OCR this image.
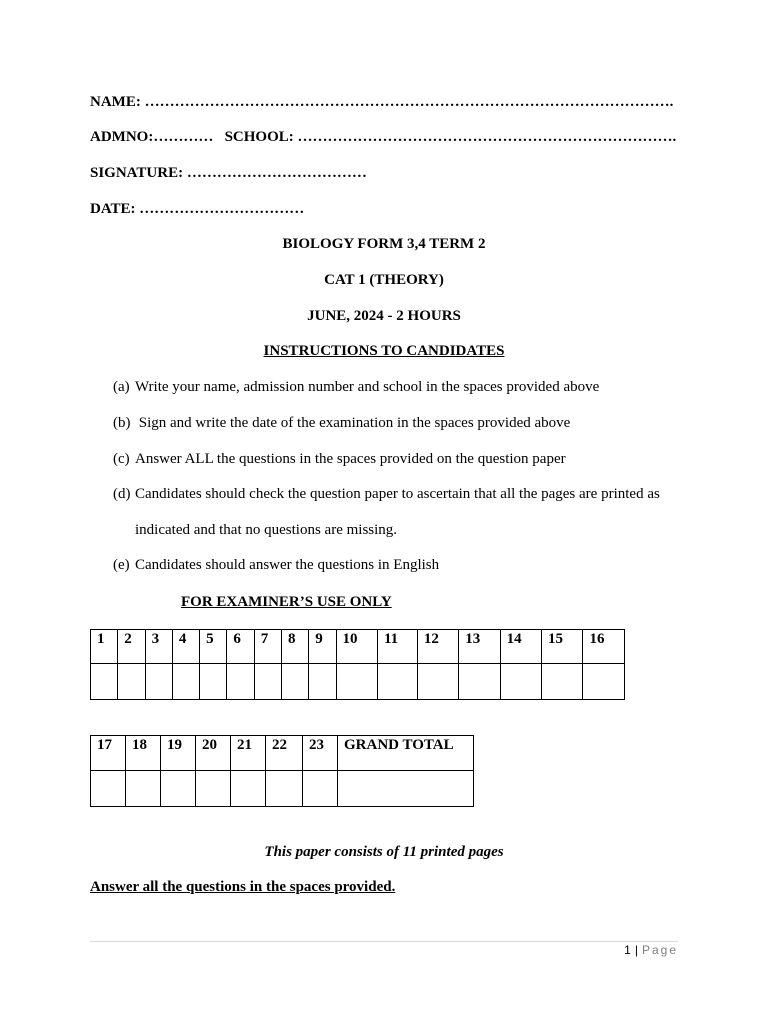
NAME: …………………………………………………………………………………………….
ADMNO:………… SCHOOL: ………………………………………………………………….
SIGNATURE: ………………………………
DATE: ……………………………
BIOLOGY FORM 3,4 TERM 2
CAT 1 (THEORY)
JUNE, 2024 - 2 HOURS
INSTRUCTIONS TO CANDIDATES
(a) Write your name, admission number and school in the spaces provided above
(b) Sign and write the date of the examination in the spaces provided above
(c) Answer ALL the questions in the spaces provided on the question paper
(d) Candidates should check the question paper to ascertain that all the pages are printed as
indicated and that no questions are missing.
(e) Candidates should answer the questions in English
FOR EXAMINER’S USE ONLY
1	2	3	4	5	6	7	8	9	10	11	12	13	14	15	16

17	18	19	20	21	22	23	GRAND TOTAL

This paper consists of 11 printed pages
Answer all the questions in the spaces provided.
1 | Page
